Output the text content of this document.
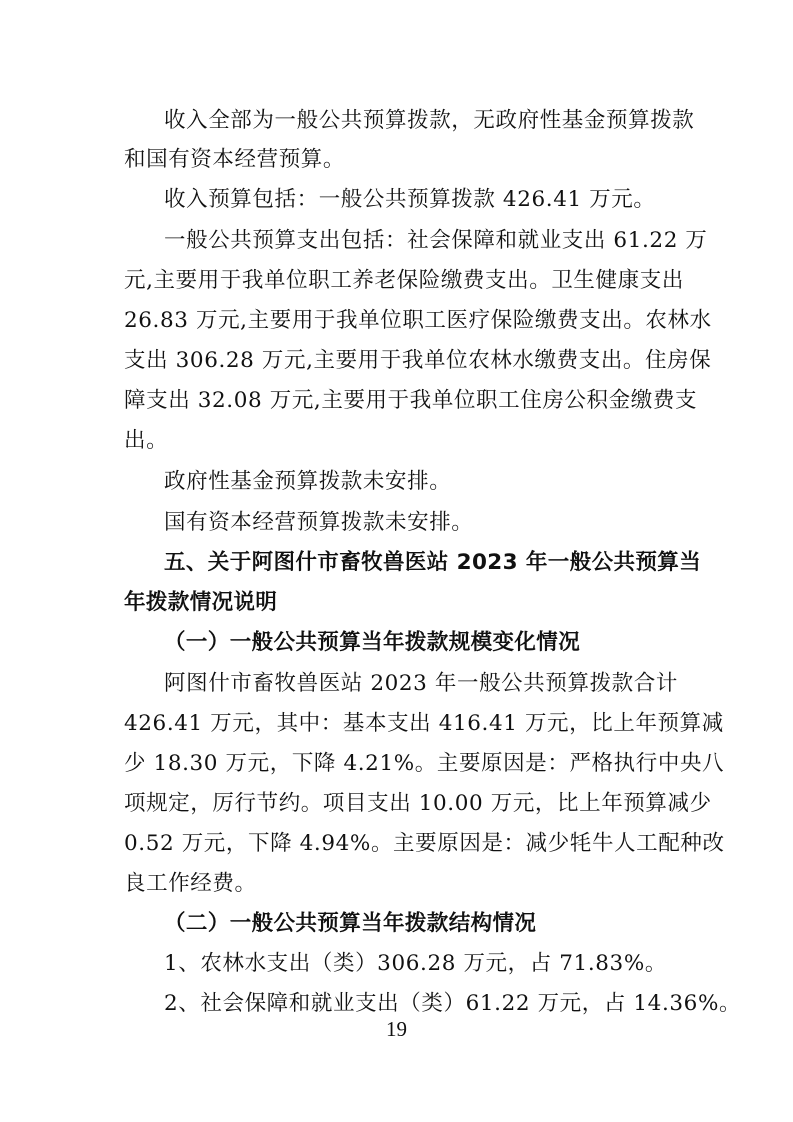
收入全部为一般公共预算拨款，无政府性基金预算拨款
和国有资本经营预算。
收入预算包括：一般公共预算拨款 426.41 万元。
一般公共预算支出包括：社会保障和就业支出 61.22 万
元,主要用于我单位职工养老保险缴费支出。卫生健康支出
26.83 万元,主要用于我单位职工医疗保险缴费支出。农林水
支出 306.28 万元,主要用于我单位农林水缴费支出。住房保
障支出 32.08 万元,主要用于我单位职工住房公积金缴费支
出。
政府性基金预算拨款未安排。
国有资本经营预算拨款未安排。
五、关于阿图什市畜牧兽医站 2023 年一般公共预算当
年拨款情况说明
（一）一般公共预算当年拨款规模变化情况
阿图什市畜牧兽医站 2023 年一般公共预算拨款合计
426.41 万元，其中：基本支出 416.41 万元，比上年预算减
少 18.30 万元，下降 4.21%。主要原因是：严格执行中央八
项规定，厉行节约。项目支出 10.00 万元，比上年预算减少
0.52 万元，下降 4.94%。主要原因是：减少牦牛人工配种改
良工作经费。
（二）一般公共预算当年拨款结构情况
1、农林水支出（类）306.28 万元，占 71.83%。
2、社会保障和就业支出（类）61.22 万元，占 14.36%。
19
